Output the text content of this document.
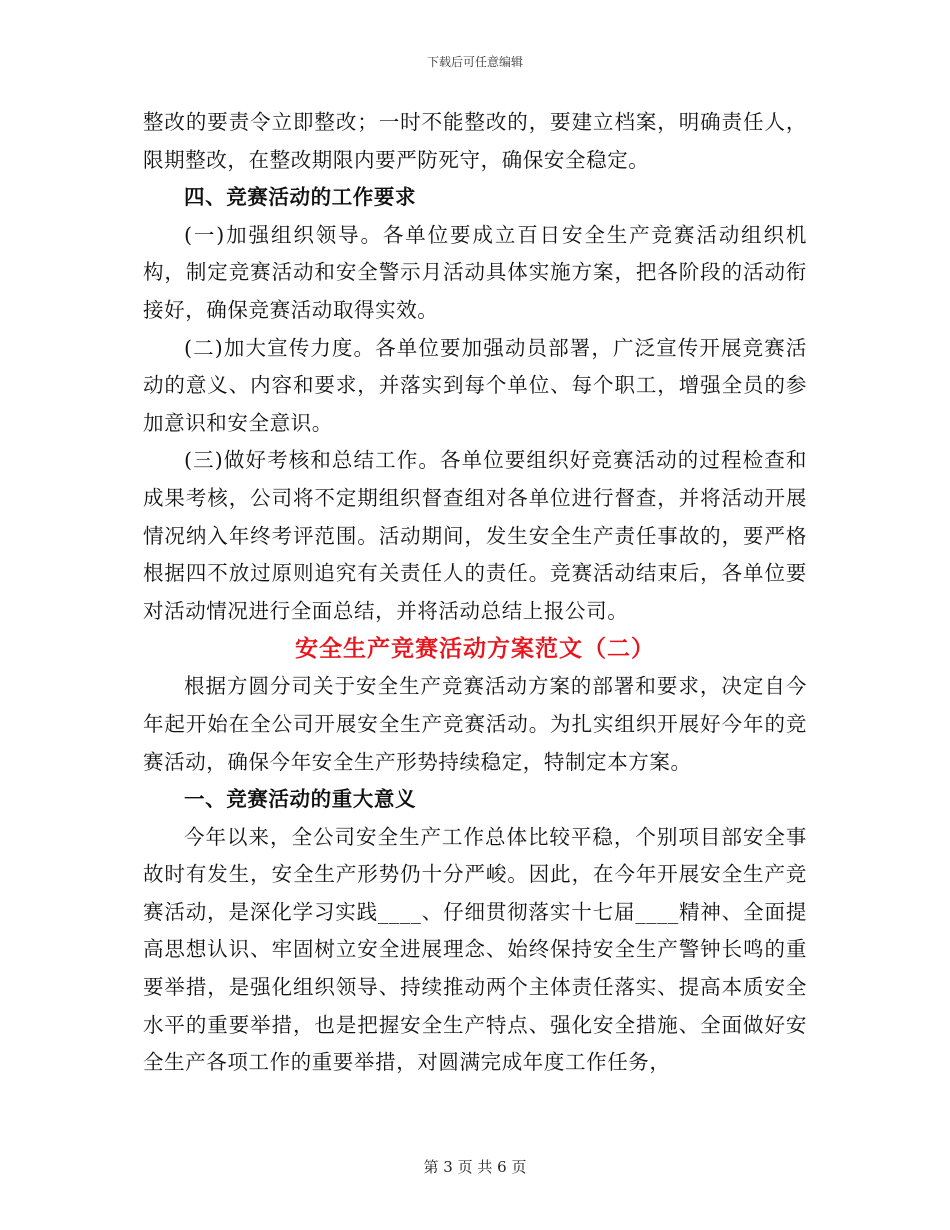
下载后可任意编辑

整改的要责令立即整改；一时不能整改的，要建立档案，明确责任人，限期整改，在整改期限内要严防死守，确保安全稳定。

四、竞赛活动的工作要求

(一)加强组织领导。各单位要成立百日安全生产竞赛活动组织机构，制定竞赛活动和安全警示月活动具体实施方案，把各阶段的活动衔接好，确保竞赛活动取得实效。

(二)加大宣传力度。各单位要加强动员部署，广泛宣传开展竞赛活动的意义、内容和要求，并落实到每个单位、每个职工，增强全员的参加意识和安全意识。

(三)做好考核和总结工作。各单位要组织好竞赛活动的过程检查和成果考核，公司将不定期组织督查组对各单位进行督查，并将活动开展情况纳入年终考评范围。活动期间，发生安全生产责任事故的，要严格根据四不放过原则追究有关责任人的责任。竞赛活动结束后，各单位要对活动情况进行全面总结，并将活动总结上报公司。

安全生产竞赛活动方案范文（二）

根据方圆分司关于安全生产竞赛活动方案的部署和要求，决定自今年起开始在全公司开展安全生产竞赛活动。为扎实组织开展好今年的竞赛活动，确保今年安全生产形势持续稳定，特制定本方案。

一、竞赛活动的重大意义

今年以来，全公司安全生产工作总体比较平稳，个别项目部安全事故时有发生，安全生产形势仍十分严峻。因此，在今年开展安全生产竞赛活动，是深化学习实践____、仔细贯彻落实十七届____精神、全面提高思想认识、牢固树立安全进展理念、始终保持安全生产警钟长鸣的重要举措，是强化组织领导、持续推动两个主体责任落实、提高本质安全水平的重要举措，也是把握安全生产特点、强化安全措施、全面做好安全生产各项工作的重要举措，对圆满完成年度工作任务，

第 3 页 共 6 页
